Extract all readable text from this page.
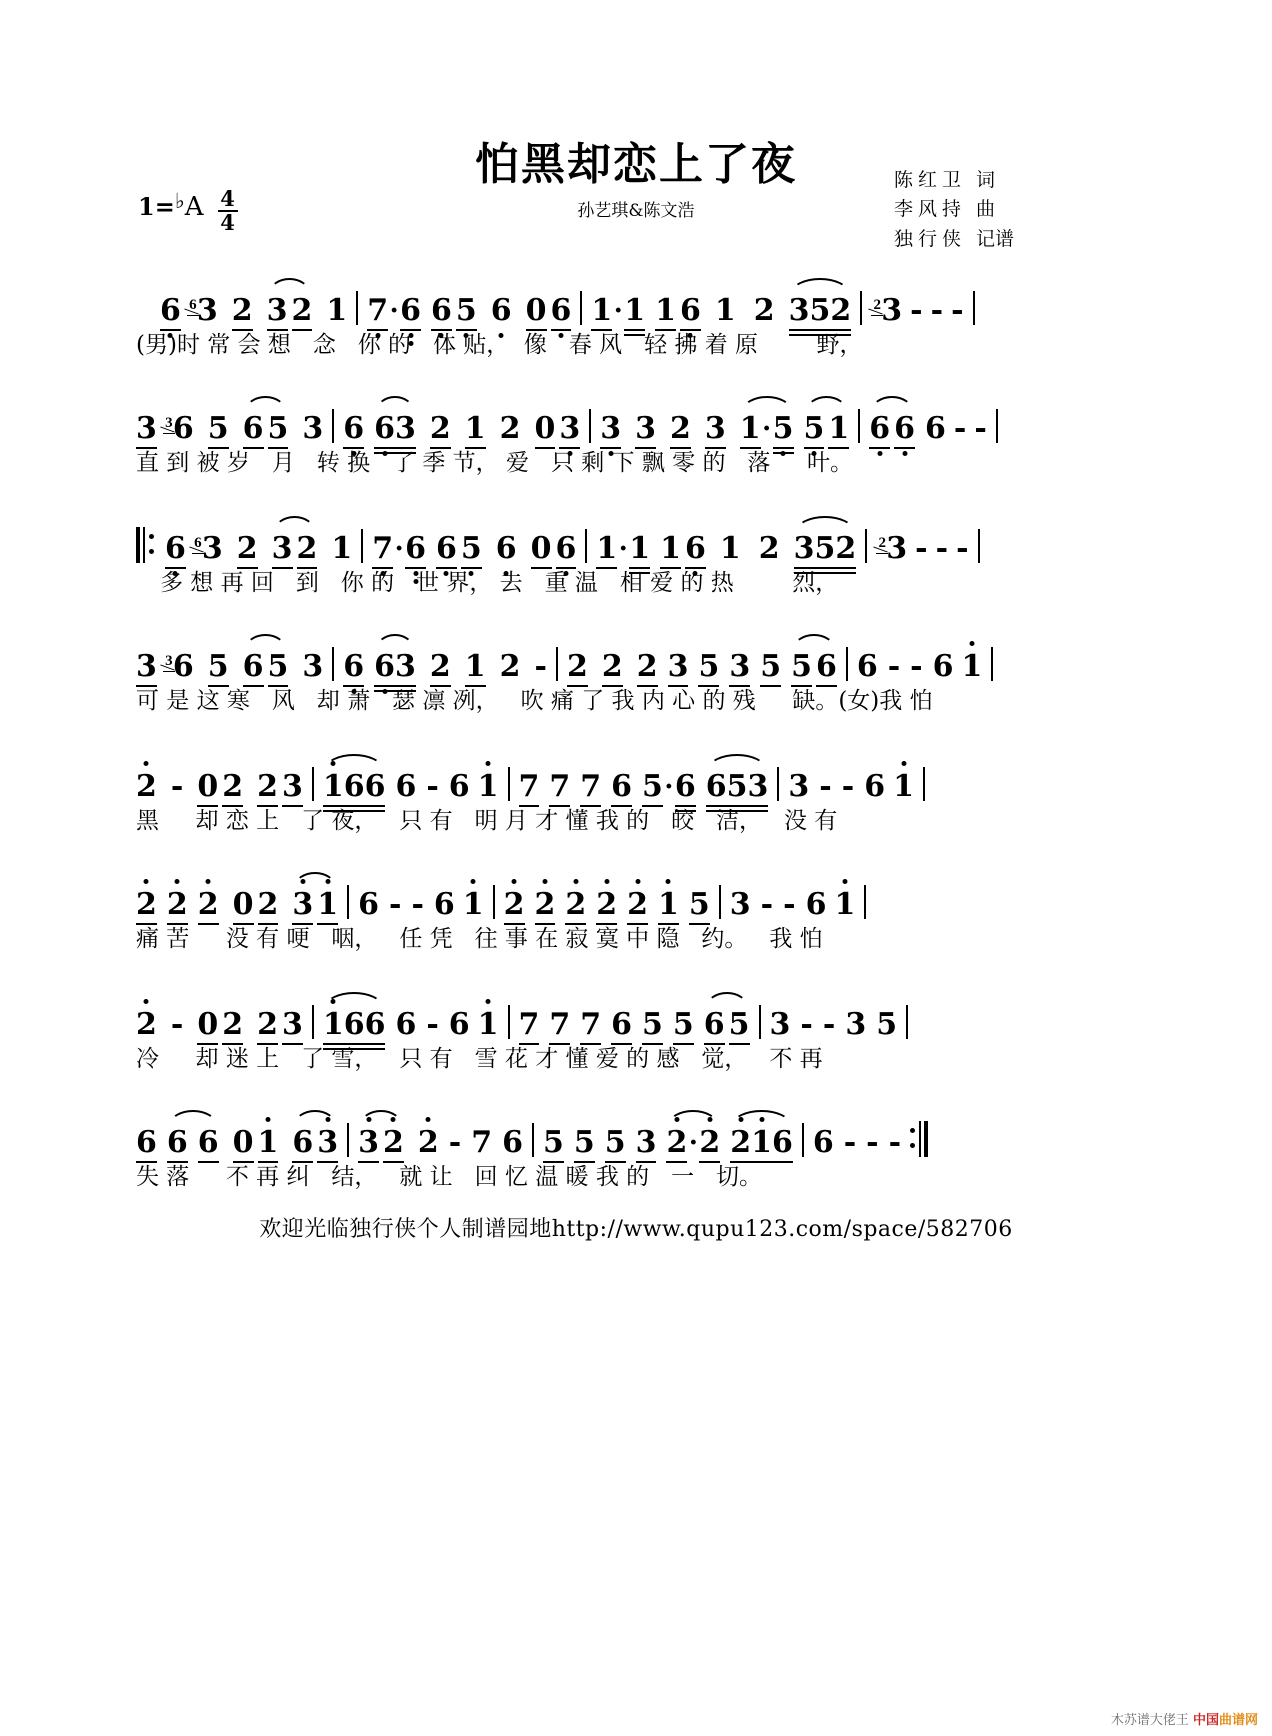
怕黑却恋上了夜
孙艺琪&陈文浩
1= ♭ A $\frac{4}{4}$
陈红卫 词
李风持 曲
独行侠 记谱
6 6 3 2 3 2 1 7 · 6 6 5 6 0 6 1 · 1 1 6 1 2 352 2 3 - - -
(男)时 常 会 想   念   你 的   体 贴，  像   春 风   轻 拂 着 原        野，
3 3 6 5 6 5 3 6 6
3 2 1 2 0 3 3 3 2 3 1·5 5 1 6 6 6 - -
直 到 被 岁   月   转 换   了 季 节， 爱   只 剩 下 飘 零 的   落     叶。
6 6 3 2 3 2 1 7 · 6 6 5 6 0 6 1 · 1 1 6 1 2 352 2 3 - - -
多 想 再 回   到   你 的   世 界， 去   重 温   相 爱 的 热        烈，
3 3 6 5 6 5 3 6 6
3 2 1 2 - 2 2 2 3 5 3 5 5 6 6 - - 6 1
可 是 这 寒   风   却 萧   瑟 凛 冽，   吹 痛 了 我 内 心 的 残     缺。(女)我 怕
2 - 0 2 2 3 1
66 6 - 6 1 7 7 7 6 5 · 6 653 3 - - 6 1
黑     却 恋 上   了 夜，   只 有   明 月 才 懂 我 的   皎   洁，   没 有
2 2 2 0 2 3 1 6 - - 6 1 2 2 2 2 2 1 5 3 - - 6 1
痛 苦     没 有 哽   咽，   任 凭   往 事 在 寂 寞 中 隐   约。   我 怕
2 - 0 2 2 3 1
66 6 - 6 1 7 7 7 6 5 5 6 5 3 - - 3 5
冷     却 迷 上   了 雪，   只 有   雪 花 才 懂 爱 的 感   觉，   不 再
6 6 6 0 1 6 3 3 2 2 - 7 6 5 5 5 3 2
·2 2
1
6 6 - - -
失 落     不 再 纠   结，   就 让   回 忆 温 暖 我 的   一   切。
欢迎光临独行侠个人制谱园地http://www.qupu123.com/space/582706
木苏谱大佬王 中国曲谱网
